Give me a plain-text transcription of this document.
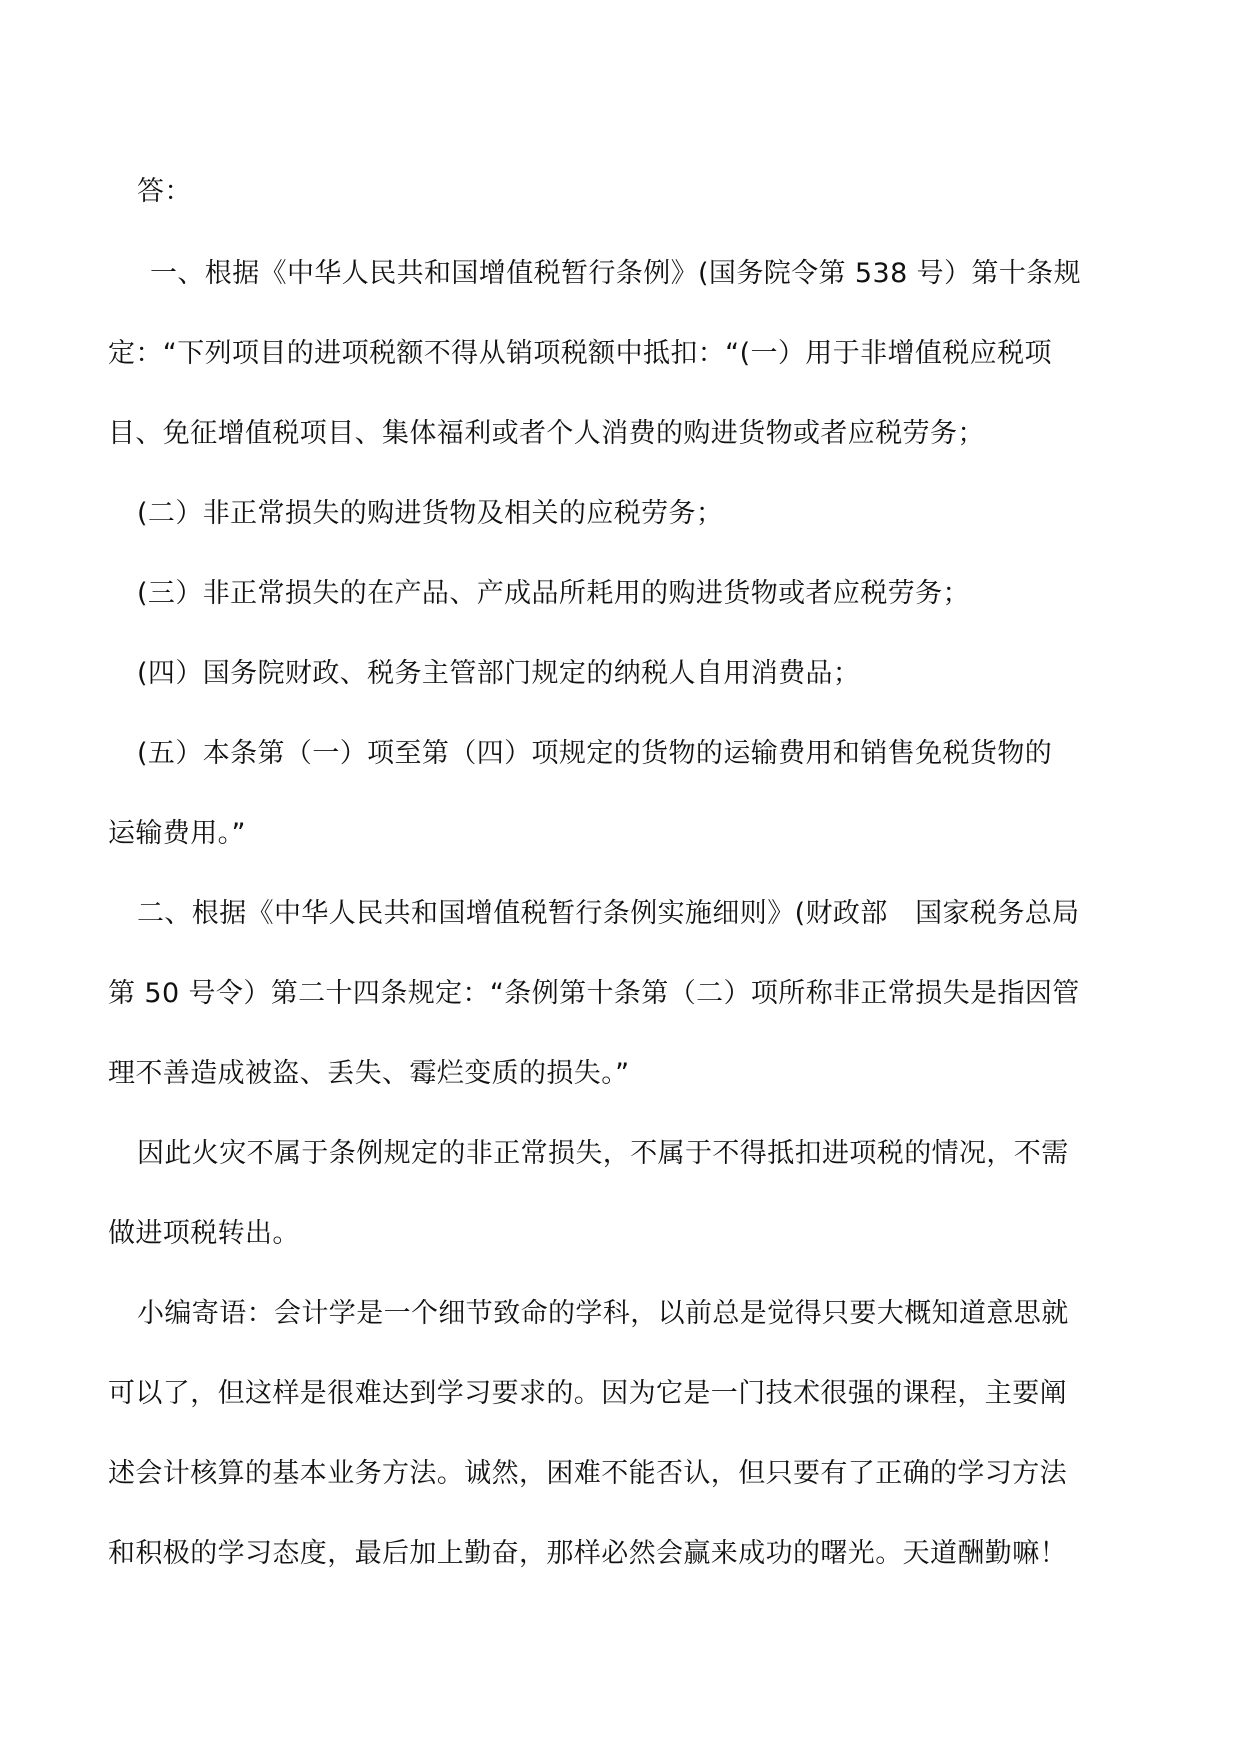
答：
一、根据《中华人民共和国增值税暂行条例》(国务院令第 538 号）第十条规
定：“下列项目的进项税额不得从销项税额中抵扣：“(一）用于非增值税应税项
目、免征增值税项目、集体福利或者个人消费的购进货物或者应税劳务；
(二）非正常损失的购进货物及相关的应税劳务；
(三）非正常损失的在产品、产成品所耗用的购进货物或者应税劳务；
(四）国务院财政、税务主管部门规定的纳税人自用消费品；
(五）本条第（一）项至第（四）项规定的货物的运输费用和销售免税货物的
运输费用。”
二、根据《中华人民共和国增值税暂行条例实施细则》(财政部　国家税务总局
第 50 号令）第二十四条规定：“条例第十条第（二）项所称非正常损失是指因管
理不善造成被盗、丢失、霉烂变质的损失。”
因此火灾不属于条例规定的非正常损失，不属于不得抵扣进项税的情况，不需
做进项税转出。
小编寄语：会计学是一个细节致命的学科，以前总是觉得只要大概知道意思就
可以了，但这样是很难达到学习要求的。因为它是一门技术很强的课程，主要阐
述会计核算的基本业务方法。诚然，困难不能否认，但只要有了正确的学习方法
和积极的学习态度，最后加上勤奋，那样必然会赢来成功的曙光。天道酬勤嘛！
